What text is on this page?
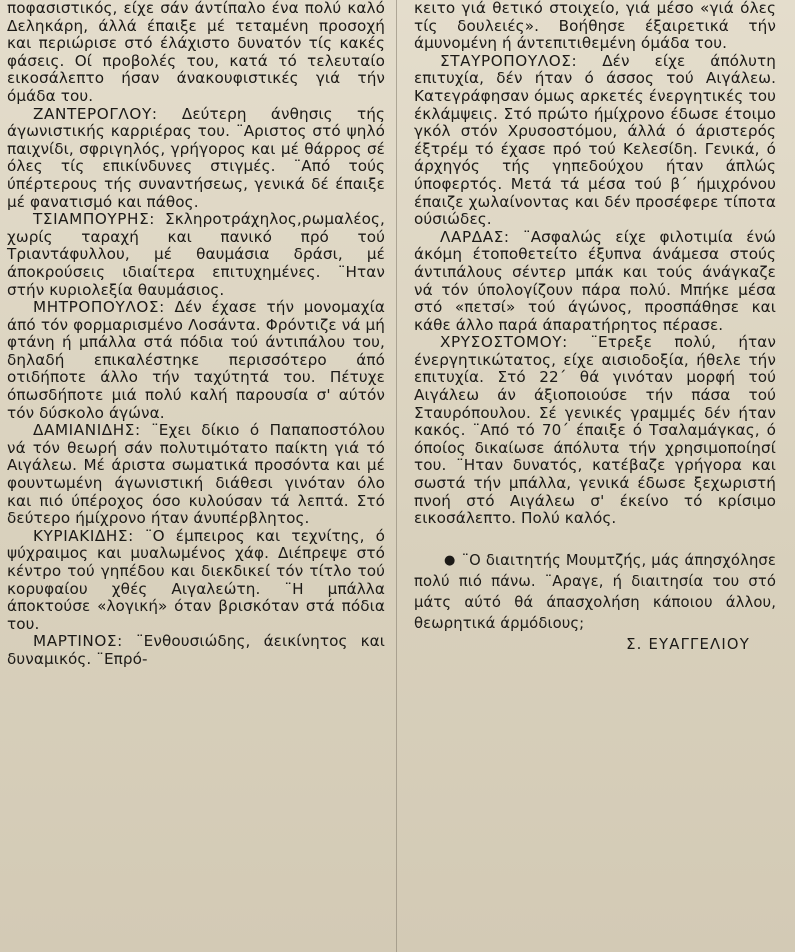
ποφασιστικός, είχε σάν άντίπαλο ένα πολύ καλό Δεληκάρη, άλλά έπαιξε μέ τεταμένη προσοχή και περιώρισε στό έλάχιστο δυνατόν τίς κακές φάσεις. Οί προβολές του, κατά τό τελευταίο εικοσάλεπτο ήσαν άνακουφιστικές γιά τήν όμάδα του.

ΖΑΝΤΕΡΟΓΛΟΥ: Δεύτερη άνθησις τής άγωνιστικής καρριέρας του. ¨Αριστος στό ψηλό παιχνίδι, σφριγηλός, γρήγορος και μέ θάρρος σέ όλες τίς επικίνδυνες στιγμές. ¨Από τούς ύπέρτερους τής συναντήσεως, γενικά δέ έπαιξε μέ φανατισμό και πάθος.

ΤΣΙΑΜΠΟΥΡΗΣ: Σκληροτράχηλος,ρωμαλέος, χωρίς ταραχή και πανικό πρό τού Τριαντάφυλλου, μέ θαυμάσια δράσι, μέ άποκρούσεις ιδιαίτερα επιτυχημένες. ¨Ηταν στήν κυριολεξία θαυμάσιος.

ΜΗΤΡΟΠΟΥΛΟΣ: Δέν έχασε τήν μονομαχία άπό τόν φορμαρισμένο Λοσάντα. Φρόντιζε νά μή φτάνη ή μπάλλα στά πόδια τού άντιπάλου του, δηλαδή επικαλέστηκε περισσότερο άπό οτιδήποτε άλλο τήν ταχύτητά του. Πέτυχε όπωσδήποτε μιά πολύ καλή παρουσία σ' αύτόν τόν δύσκολο άγώνα.

ΔΑΜΙΑΝΙΔΗΣ: ¨Εχει δίκιο ό Παπαποστόλου νά τόν θεωρή σάν πολυτιμότατο παίκτη γιά τό Αιγάλεω. Μέ άριστα σωματικά προσόντα και μέ φουντωμένη άγωνιστική διάθεσι γινόταν όλο και πιό ύπέροχος όσο κυλούσαν τά λεπτά. Στό δεύτερο ήμίχρονο ήταν άνυπέρβλητος.

ΚΥΡΙΑΚΙΔΗΣ: ¨Ο έμπειρος και τεχνίτης, ό ψύχραιμος και μυαλωμένος χάφ. Διέπρεψε στό κέντρο τού γηπέδου και διεκδικεί τόν τίτλο τού κορυφαίου χθές Αιγαλεώτη. ¨Η μπάλλα άποκτούσε «λογική» όταν βρισκόταν στά πόδια του.

ΜΑΡΤΙΝΟΣ: ¨Ενθουσιώδης, άεικίνητος και δυναμικός. ¨Επρό-

κειτο γιά θετικό στοιχείο, γιά μέσο «γιά όλες τίς δουλειές». Βοήθησε έξαιρετικά τήν άμυνομένη ή άντεπιτιθεμένη όμάδα του.

ΣΤΑΥΡΟΠΟΥΛΟΣ: Δέν είχε άπόλυτη επιτυχία, δέν ήταν ό άσσος τού Αιγάλεω. Κατεγράφησαν όμως αρκετές ένεργητικές του έκλάμψεις. Στό πρώτο ήμίχρονο έδωσε έτοιμο γκόλ στόν Χρυσοστόμου, άλλά ό άριστερός έξτρέμ τό έχασε πρό τού Κελεσίδη. Γενικά, ό άρχηγός τής γηπεδούχου ήταν άπλώς ύποφερτός. Μετά τά μέσα τού β΄ ήμιχρόνου έπαιζε χωλαίνοντας και δέν προσέφερε τίποτα ούσιώδες.

ΛΑΡΔΑΣ: ¨Ασφαλώς είχε φιλοτιμία ένώ άκόμη έτοποθετείτο έξυπνα άνάμεσα στούς άντιπάλους σέντερ μπάκ και τούς άνάγκαζε νά τόν ύπολογίζουν πάρα πολύ. Μπήκε μέσα στό «πετσί» τού άγώνος, προσπάθησε και κάθε άλλο παρά άπαρατήρητος πέρασε.

ΧΡΥΣΟΣΤΟΜΟΥ: ¨Ετρεξε πολύ, ήταν ένεργητικώτατος, είχε αισιοδοξία, ήθελε τήν επιτυχία. Στό 22΄ θά γινόταν μορφή τού Αιγάλεω άν άξιοποιούσε τήν πάσα τού Σταυρόπουλου. Σέ γενικές γραμμές δέν ήταν κακός. ¨Από τό 70΄ έπαιξε ό Τσαλαμάγκας, ό όποίος δικαίωσε άπόλυτα τήν χρησιμοποίησί του. ¨Ηταν δυνατός, κατέβαζε γρήγορα και σωστά τήν μπάλλα, γενικά έδωσε ξεχωριστή πνοή στό Αιγάλεω σ' έκείνο τό κρίσιμο εικοσάλεπτο. Πολύ καλός.

● ¨Ο διαιτητής Μουμτζής, μάς άπησχόλησε πολύ πιό πάνω. ¨Αραγε, ή διαιτησία του στό μάτς αύτό θά άπασχολήση κάποιου άλλου, θεωρητικά άρμόδιους;

Σ. ΕΥΑΓΓΕΛΙΟΥ
